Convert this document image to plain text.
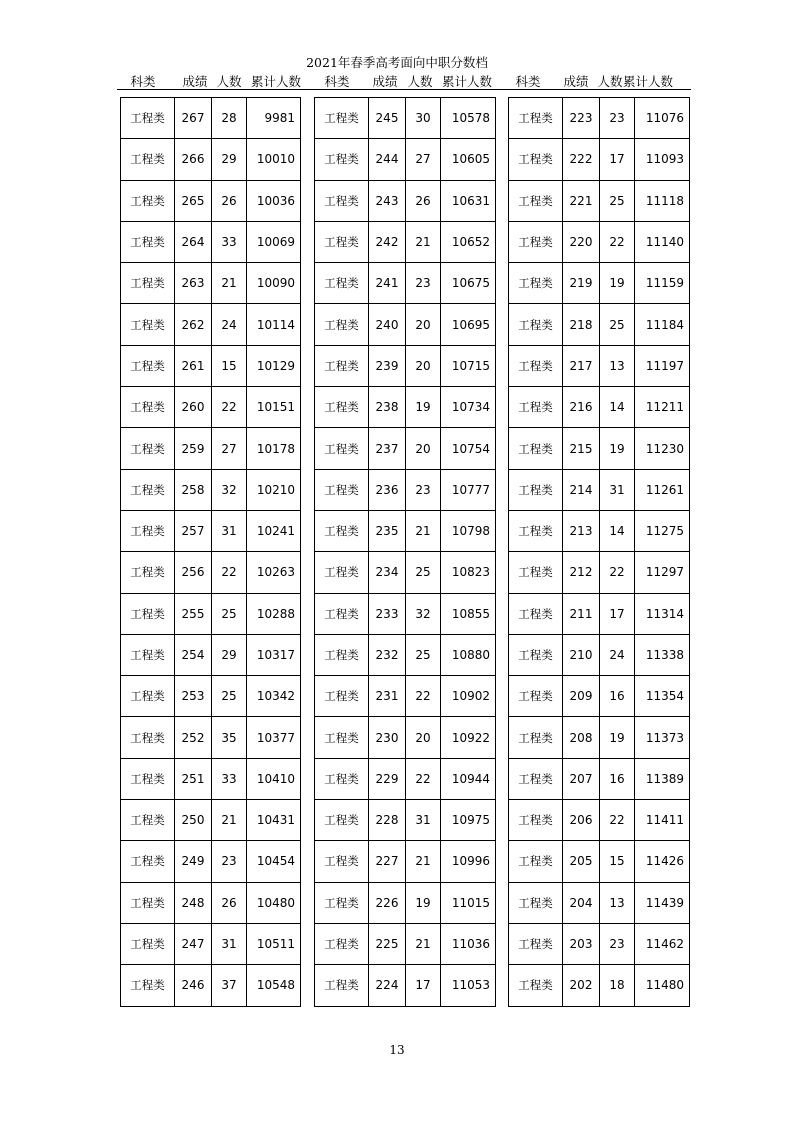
2021年春季高考面向中职分数档
科类 成绩 人数 累计人数 科类 成绩 人数 累计人数 科类 成绩 人数 累计人数
工程类	267	28	9981
工程类	266	29	10010
工程类	265	26	10036
工程类	264	33	10069
工程类	263	21	10090
工程类	262	24	10114
工程类	261	15	10129
工程类	260	22	10151
工程类	259	27	10178
工程类	258	32	10210
工程类	257	31	10241
工程类	256	22	10263
工程类	255	25	10288
工程类	254	29	10317
工程类	253	25	10342
工程类	252	35	10377
工程类	251	33	10410
工程类	250	21	10431
工程类	249	23	10454
工程类	248	26	10480
工程类	247	31	10511
工程类	246	37	10548
工程类	245	30	10578
工程类	244	27	10605
工程类	243	26	10631
工程类	242	21	10652
工程类	241	23	10675
工程类	240	20	10695
工程类	239	20	10715
工程类	238	19	10734
工程类	237	20	10754
工程类	236	23	10777
工程类	235	21	10798
工程类	234	25	10823
工程类	233	32	10855
工程类	232	25	10880
工程类	231	22	10902
工程类	230	20	10922
工程类	229	22	10944
工程类	228	31	10975
工程类	227	21	10996
工程类	226	19	11015
工程类	225	21	11036
工程类	224	17	11053
工程类	223	23	11076
工程类	222	17	11093
工程类	221	25	11118
工程类	220	22	11140
工程类	219	19	11159
工程类	218	25	11184
工程类	217	13	11197
工程类	216	14	11211
工程类	215	19	11230
工程类	214	31	11261
工程类	213	14	11275
工程类	212	22	11297
工程类	211	17	11314
工程类	210	24	11338
工程类	209	16	11354
工程类	208	19	11373
工程类	207	16	11389
工程类	206	22	11411
工程类	205	15	11426
工程类	204	13	11439
工程类	203	23	11462
工程类	202	18	11480
13
